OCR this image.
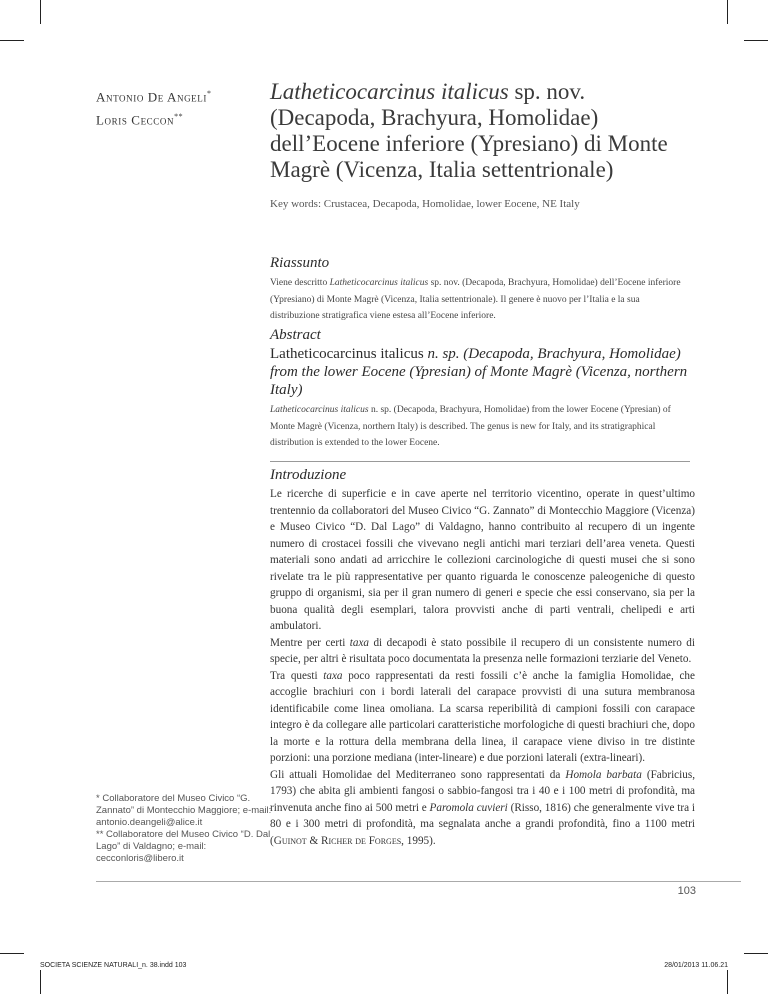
Antonio De Angeli*
Loris Ceccon**
Latheticocarcinus italicus sp. nov. (Decapoda, Brachyura, Homolidae) dell’Eocene inferiore (Ypresiano) di Monte Magrè (Vicenza, Italia settentrionale)
Key words: Crustacea, Decapoda, Homolidae, lower Eocene, NE Italy
Riassunto
Viene descritto Latheticocarcinus italicus sp. nov. (Decapoda, Brachyura, Homolidae) dell’Eocene inferiore (Ypresiano) di Monte Magrè (Vicenza, Italia settentrionale). Il genere è nuovo per l’Italia e la sua distribuzione stratigrafica viene estesa all’Eocene inferiore.
Abstract
Latheticocarcinus italicus n. sp. (Decapoda, Brachyura, Homolidae) from the lower Eocene (Ypresian) of Monte Magrè (Vicenza, northern Italy)
Latheticocarcinus italicus n. sp. (Decapoda, Brachyura, Homolidae) from the lower Eocene (Ypresian) of Monte Magrè (Vicenza, northern Italy) is described. The genus is new for Italy, and its stratigraphical distribution is extended to the lower Eocene.
Introduzione

Le ricerche di superficie e in cave aperte nel territorio vicentino, operate in quest’ultimo trentennio da collaboratori del Museo Civico “G. Zannato” di Montecchio Maggiore (Vicenza) e Museo Civico “D. Dal Lago” di Valdagno, hanno contribuito al recupero di un ingente numero di crostacei fossili che vivevano negli antichi mari terziari dell’area veneta. Questi materiali sono andati ad arricchire le collezioni carcinologiche di questi musei che si sono rivelate tra le più rappresentative per quanto riguarda le conoscenze paleogeniche di questo gruppo di organismi, sia per il gran numero di generi e specie che essi conservano, sia per la buona qualità degli esemplari, talora provvisti anche di parti ventrali, chelipedi e arti ambulatori.

Mentre per certi taxa di decapodi è stato possibile il recupero di un consistente numero di specie, per altri è risultata poco documentata la presenza nelle formazioni terziarie del Veneto.

Tra questi taxa poco rappresentati da resti fossili c’è anche la famiglia Homolidae, che accoglie brachiuri con i bordi laterali del carapace provvisti di una sutura membranosa identificabile come linea omoliana. La scarsa reperibilità di campioni fossili con carapace integro è da collegare alle particolari caratteristiche morfologiche di questi brachiuri che, dopo la morte e la rottura della membrana della linea, il carapace viene diviso in tre distinte porzioni: una porzione mediana (inter-lineare) e due porzioni laterali (extra-lineari).

Gli attuali Homolidae del Mediterraneo sono rappresentati da Homola barbata (Fabricius, 1793) che abita gli ambienti fangosi o sabbio-fangosi tra i 40 e i 100 metri di profondità, ma rinvenuta anche fino ai 500 metri e Paromola cuvieri (Risso, 1816) che generalmente vive tra i 80 e i 300 metri di profondità, ma segnalata anche a grandi profondità, fino a 1100 metri (Guinot & Richer de Forges, 1995).

* Collaboratore del Museo Civico “G. Zannato” di Montecchio Maggiore; e-mail: antonio.deangeli@alice.it
** Collaboratore del Museo Civico “D. Dal Lago” di Valdagno; e-mail: cecconloris@libero.it
103
SOCIETA SCIENZE NATURALI_n. 38.indd 103	28/01/2013 11.06.21
